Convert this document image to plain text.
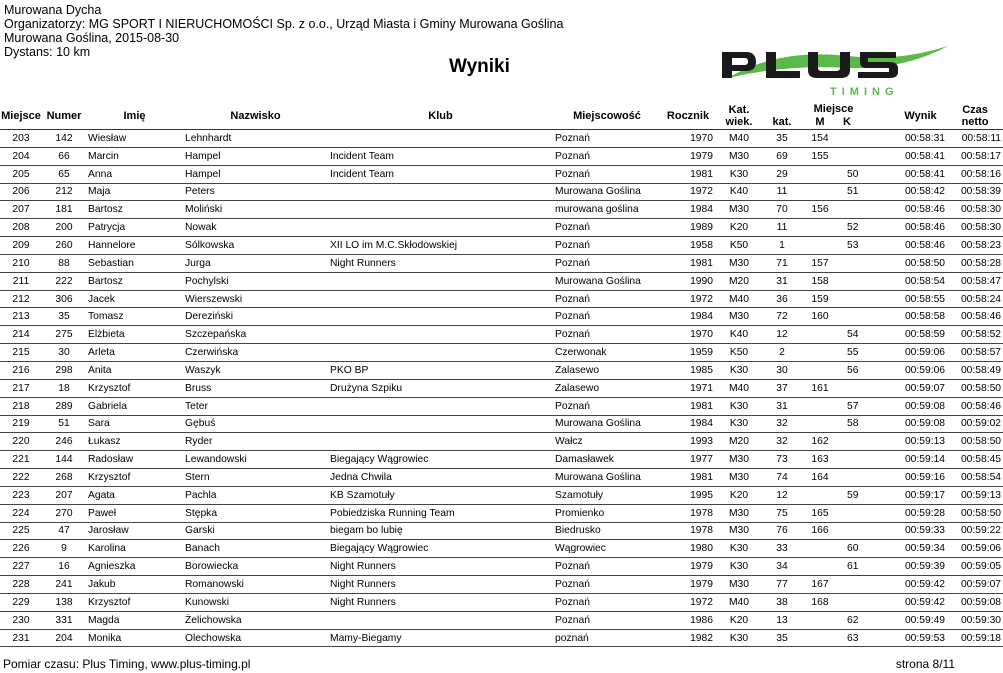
Murowana Dycha
Organizatorzy: MG SPORT I NIERUCHOMOŚCI Sp. z o.o., Urząd Miasta i Gminy Murowana Goślina
Murowana Goślina, 2015-08-30
Dystans: 10 km
Wyniki
TIMING
Miejsce	Numer	Imię	Nazwisko	Klub	Miejscowość	Rocznik	Kat. wiek.	Miejsce
kat. M K			Wynik	Czas netto
203	142	Wiesław	Lehnhardt		Poznań	1970	M40	35	154		00:58:31	00:58:11
204	66	Marcin	Hampel	Incident Team	Poznań	1979	M30	69	155		00:58:41	00:58:17
205	65	Anna	Hampel	Incident Team	Poznań	1981	K30	29		50	00:58:41	00:58:16
206	212	Maja	Peters		Murowana Goślina	1972	K40	11		51	00:58:42	00:58:39
207	181	Bartosz	Moliński		murowana goślina	1984	M30	70	156		00:58:46	00:58:30
208	200	Patrycja	Nowak		Poznań	1989	K20	11		52	00:58:46	00:58:30
209	260	Hannelore	Sólkowska	XII LO im M.C.Skłodowskiej	Poznań	1958	K50	1		53	00:58:46	00:58:23
210	88	Sebastian	Jurga	Night Runners	Poznań	1981	M30	71	157		00:58:50	00:58:28
211	222	Bartosz	Pochylski		Murowana Goślina	1990	M20	31	158		00:58:54	00:58:47
212	306	Jacek	Wierszewski		Poznań	1972	M40	36	159		00:58:55	00:58:24
213	35	Tomasz	Dereziński		Poznań	1984	M30	72	160		00:58:58	00:58:46
214	275	Elżbieta	Szczepańska		Poznań	1970	K40	12		54	00:58:59	00:58:52
215	30	Arleta	Czerwińska		Czerwonak	1959	K50	2		55	00:59:06	00:58:57
216	298	Anita	Waszyk	PKO BP	Zalasewo	1985	K30	30		56	00:59:06	00:58:49
217	18	Krzysztof	Bruss	Drużyna Szpiku	Zalasewo	1971	M40	37	161		00:59:07	00:58:50
218	289	Gabriela	Teter		Poznań	1981	K30	31		57	00:59:08	00:58:46
219	51	Sara	Gębuś		Murowana Goślina	1984	K30	32		58	00:59:08	00:59:02
220	246	Łukasz	Ryder		Wałcz	1993	M20	32	162		00:59:13	00:58:50
221	144	Radosław	Lewandowski	Biegający Wągrowiec	Damasławek	1977	M30	73	163		00:59:14	00:58:45
222	268	Krzysztof	Stern	Jedna Chwila	Murowana Goślina	1981	M30	74	164		00:59:16	00:58:54
223	207	Agata	Pachla	KB Szamotuły	Szamotuły	1995	K20	12		59	00:59:17	00:59:13
224	270	Paweł	Stępka	Pobiedziska Running Team	Promienko	1978	M30	75	165		00:59:28	00:58:50
225	47	Jarosław	Garski	biegam bo lubię	Biedrusko	1978	M30	76	166		00:59:33	00:59:22
226	9	Karolina	Banach	Biegający Wągrowiec	Wągrowiec	1980	K30	33		60	00:59:34	00:59:06
227	16	Agnieszka	Borowiecka	Night Runners	Poznań	1979	K30	34		61	00:59:39	00:59:05
228	241	Jakub	Romanowski	Night Runners	Poznań	1979	M30	77	167		00:59:42	00:59:07
229	138	Krzysztof	Kunowski	Night Runners	Poznań	1972	M40	38	168		00:59:42	00:59:08
230	331	Magda	Żelichowska		Poznań	1986	K20	13		62	00:59:49	00:59:30
231	204	Monika	Olechowska	Mamy-Biegamy	poznań	1982	K30	35		63	00:59:53	00:59:18
Pomiar czasu: Plus Timing, www.plus-timing.pl	strona 8/11
